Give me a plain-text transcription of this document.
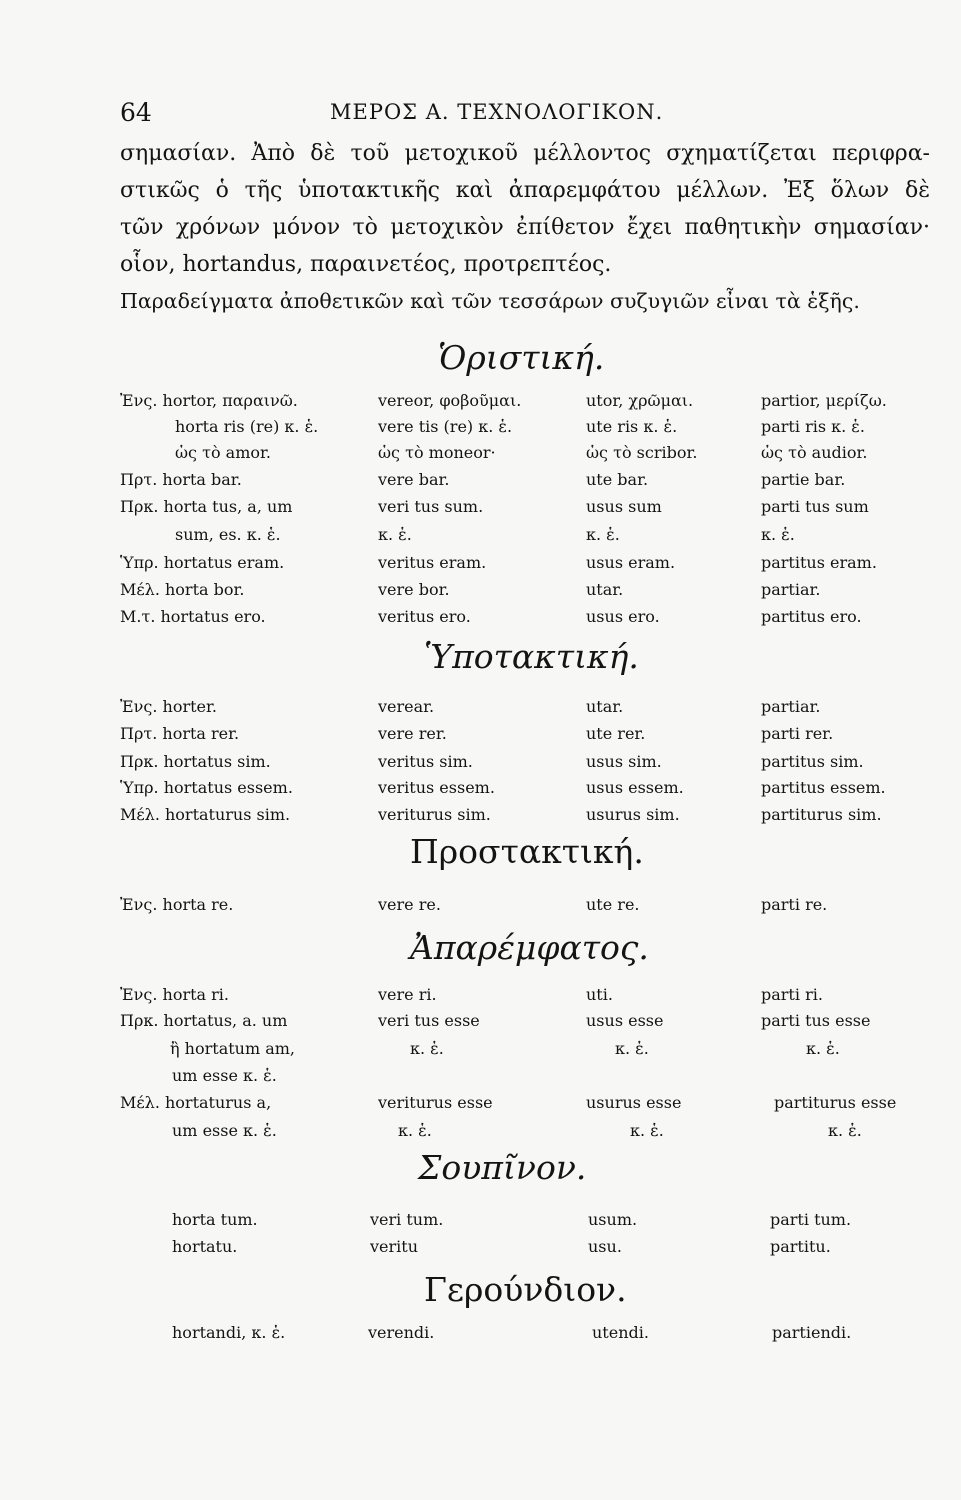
64	ΜΕΡΟΣ Α. ΤΕΧΝΟΛΟΓΙΚΟΝ.
σημασίαν. Ἀπὸ δὲ τοῦ μετοχικοῦ μέλλοντος σχηματίζεται περιφρα-
στικῶς ὁ τῆς ὑποτακτικῆς καὶ ἀπαρεμφάτου μέλλων. Ἐξ ὅλων δὲ
τῶν χρόνων μόνον τὸ μετοχικὸν ἐπίθετον ἔχει παθητικὴν σημασίαν·
οἷον, hortandus, παραινετέος, προτρεπτέος.
Παραδείγματα ἀποθετικῶν καὶ τῶν τεσσάρων συζυγιῶν εἶναι τὰ ἑξῆς.
Ὁριστική.
Ἐνς. hortor, παραινῶ.	vereor, φοβοῦμαι.	utor, χρῶμαι.	partior, μερίζω.
horta ris (re) κ. ἑ.	vere tis (re) κ. ἑ.	ute ris κ. ἑ.	parti ris κ. ἑ.
ὡς τὸ amor.	ὡς τὸ moneor·	ὡς τὸ scribor.	ὡς τὸ audior.
Πρτ. horta bar.	vere bar.	ute bar.	partie bar.
Πρκ. horta tus, a, um	veri tus sum.	usus sum	parti tus sum
sum, es. κ. ἑ.	κ. ἑ.	κ. ἑ.	κ. ἑ.
Ὑπρ. hortatus eram.	veritus eram.	usus eram.	partitus eram.
Μέλ. horta bor.	vere bor.	utar.	partiar.
Μ.τ. hortatus ero.	veritus ero.	usus ero.	partitus ero.
Ὑποτακτική.
Ἐνς. horter.	verear.	utar.	partiar.
Πρτ. horta rer.	vere rer.	ute rer.	parti rer.
Πρκ. hortatus sim.	veritus sim.	usus sim.	partitus sim.
Ὑπρ. hortatus essem.	veritus essem.	usus essem.	partitus essem.
Μέλ. hortaturus sim.	veriturus sim.	usurus sim.	partiturus sim.
Προστακτική.
Ἐνς. horta re.	vere re.	ute re.	parti re.
Ἀπαρέμφατος.
Ἐνς. horta ri.	vere ri.	uti.	parti ri.
Πρκ. hortatus, a. um	veri tus esse	usus esse	parti tus esse
ἢ hortatum am,	κ. ἑ.	κ. ἑ.	κ. ἑ.
um esse κ. ἑ.
Μέλ. hortaturus a,	veriturus esse	usurus esse	partiturus esse
um esse κ. ἑ.	κ. ἑ.	κ. ἑ.	κ. ἑ.
Σουπῖνον.
horta tum.	veri tum.	usum.	parti tum.
hortatu.	veritu	usu.	partitu.
Γερούνδιον.
hortandi, κ. ἑ.	verendi.	utendi.	partiendi.
